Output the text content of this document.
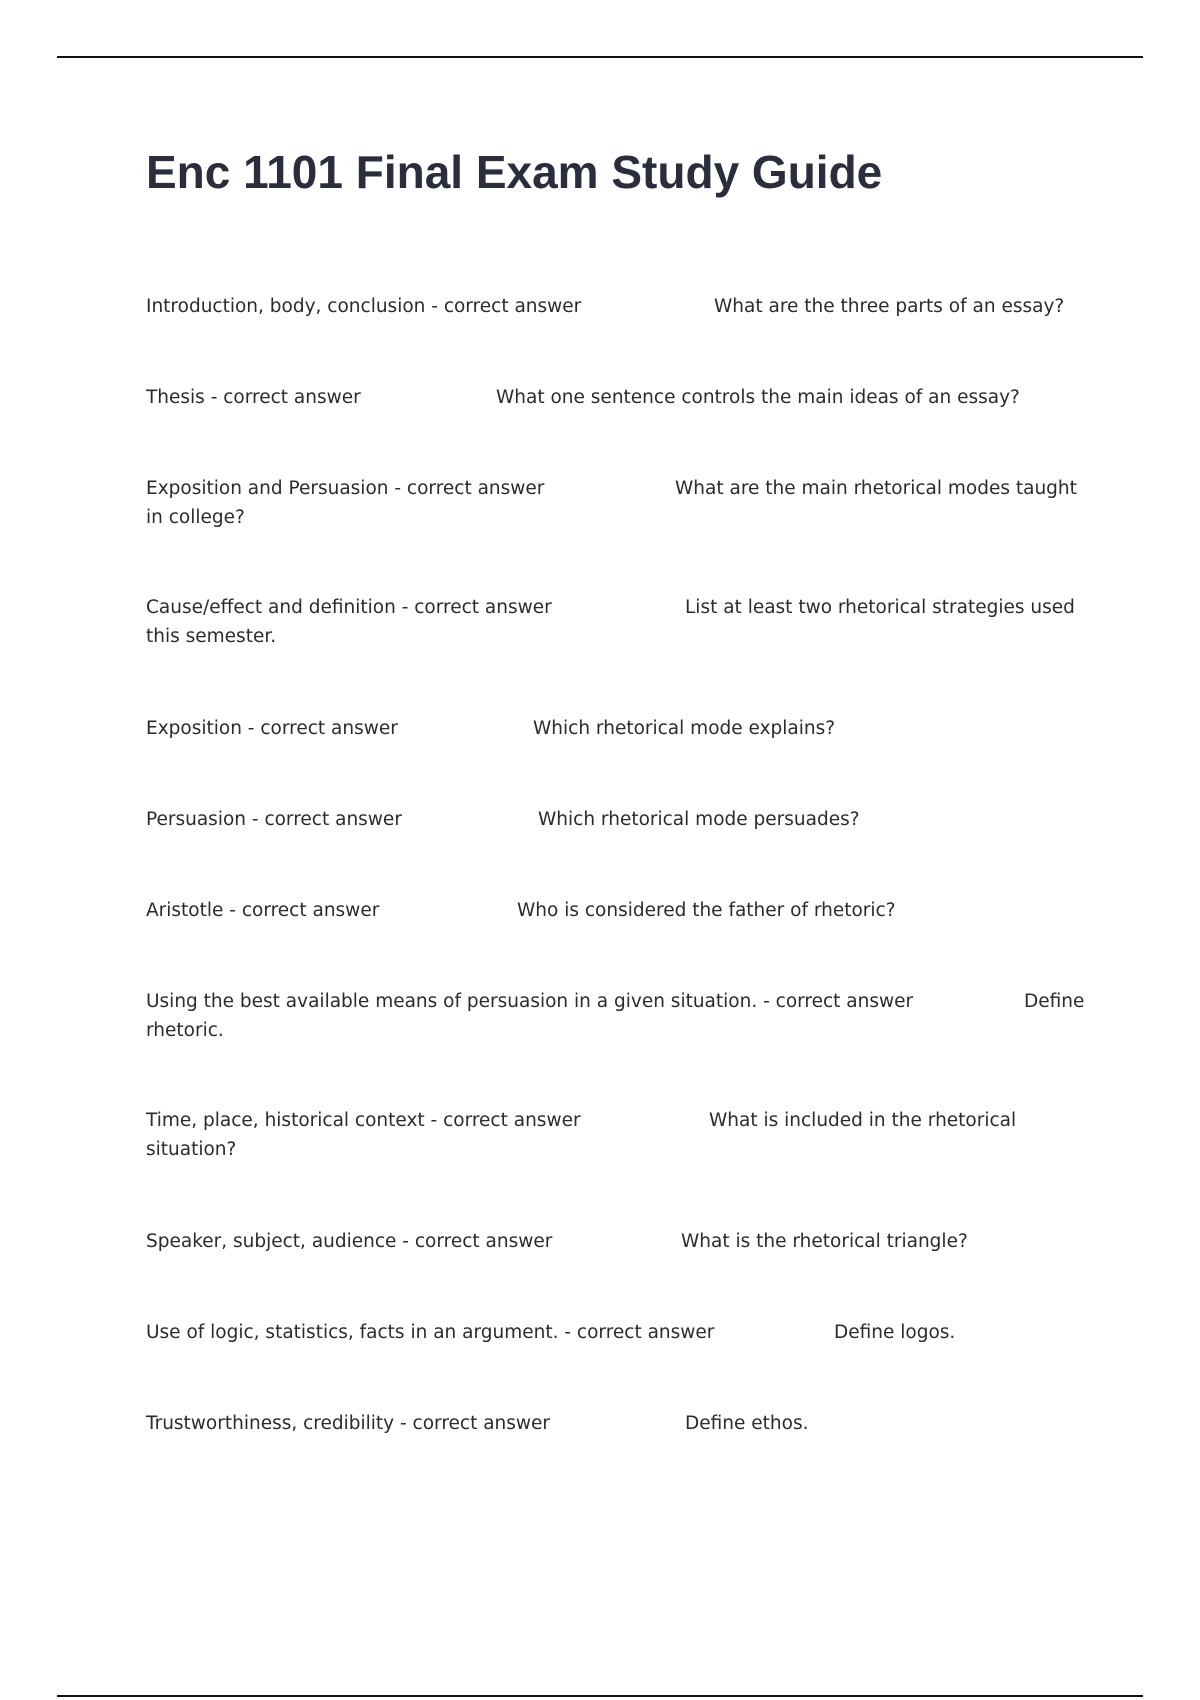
Enc 1101 Final Exam Study Guide
Introduction, body, conclusion - correct answer	What are the three parts of an essay?
Thesis - correct answer	What one sentence controls the main ideas of an essay?
Exposition and Persuasion - correct answer	What are the main rhetorical modes taught
in college?
Cause/effect and definition - correct answer	List at least two rhetorical strategies used
this semester.
Exposition - correct answer	Which rhetorical mode explains?
Persuasion - correct answer	Which rhetorical mode persuades?
Aristotle - correct answer	Who is considered the father of rhetoric?
Using the best available means of persuasion in a given situation. - correct answer	Define
rhetoric.
Time, place, historical context - correct answer	What is included in the rhetorical
situation?
Speaker, subject, audience - correct answer	What is the rhetorical triangle?
Use of logic, statistics, facts in an argument. - correct answer	Define logos.
Trustworthiness, credibility - correct answer	Define ethos.
